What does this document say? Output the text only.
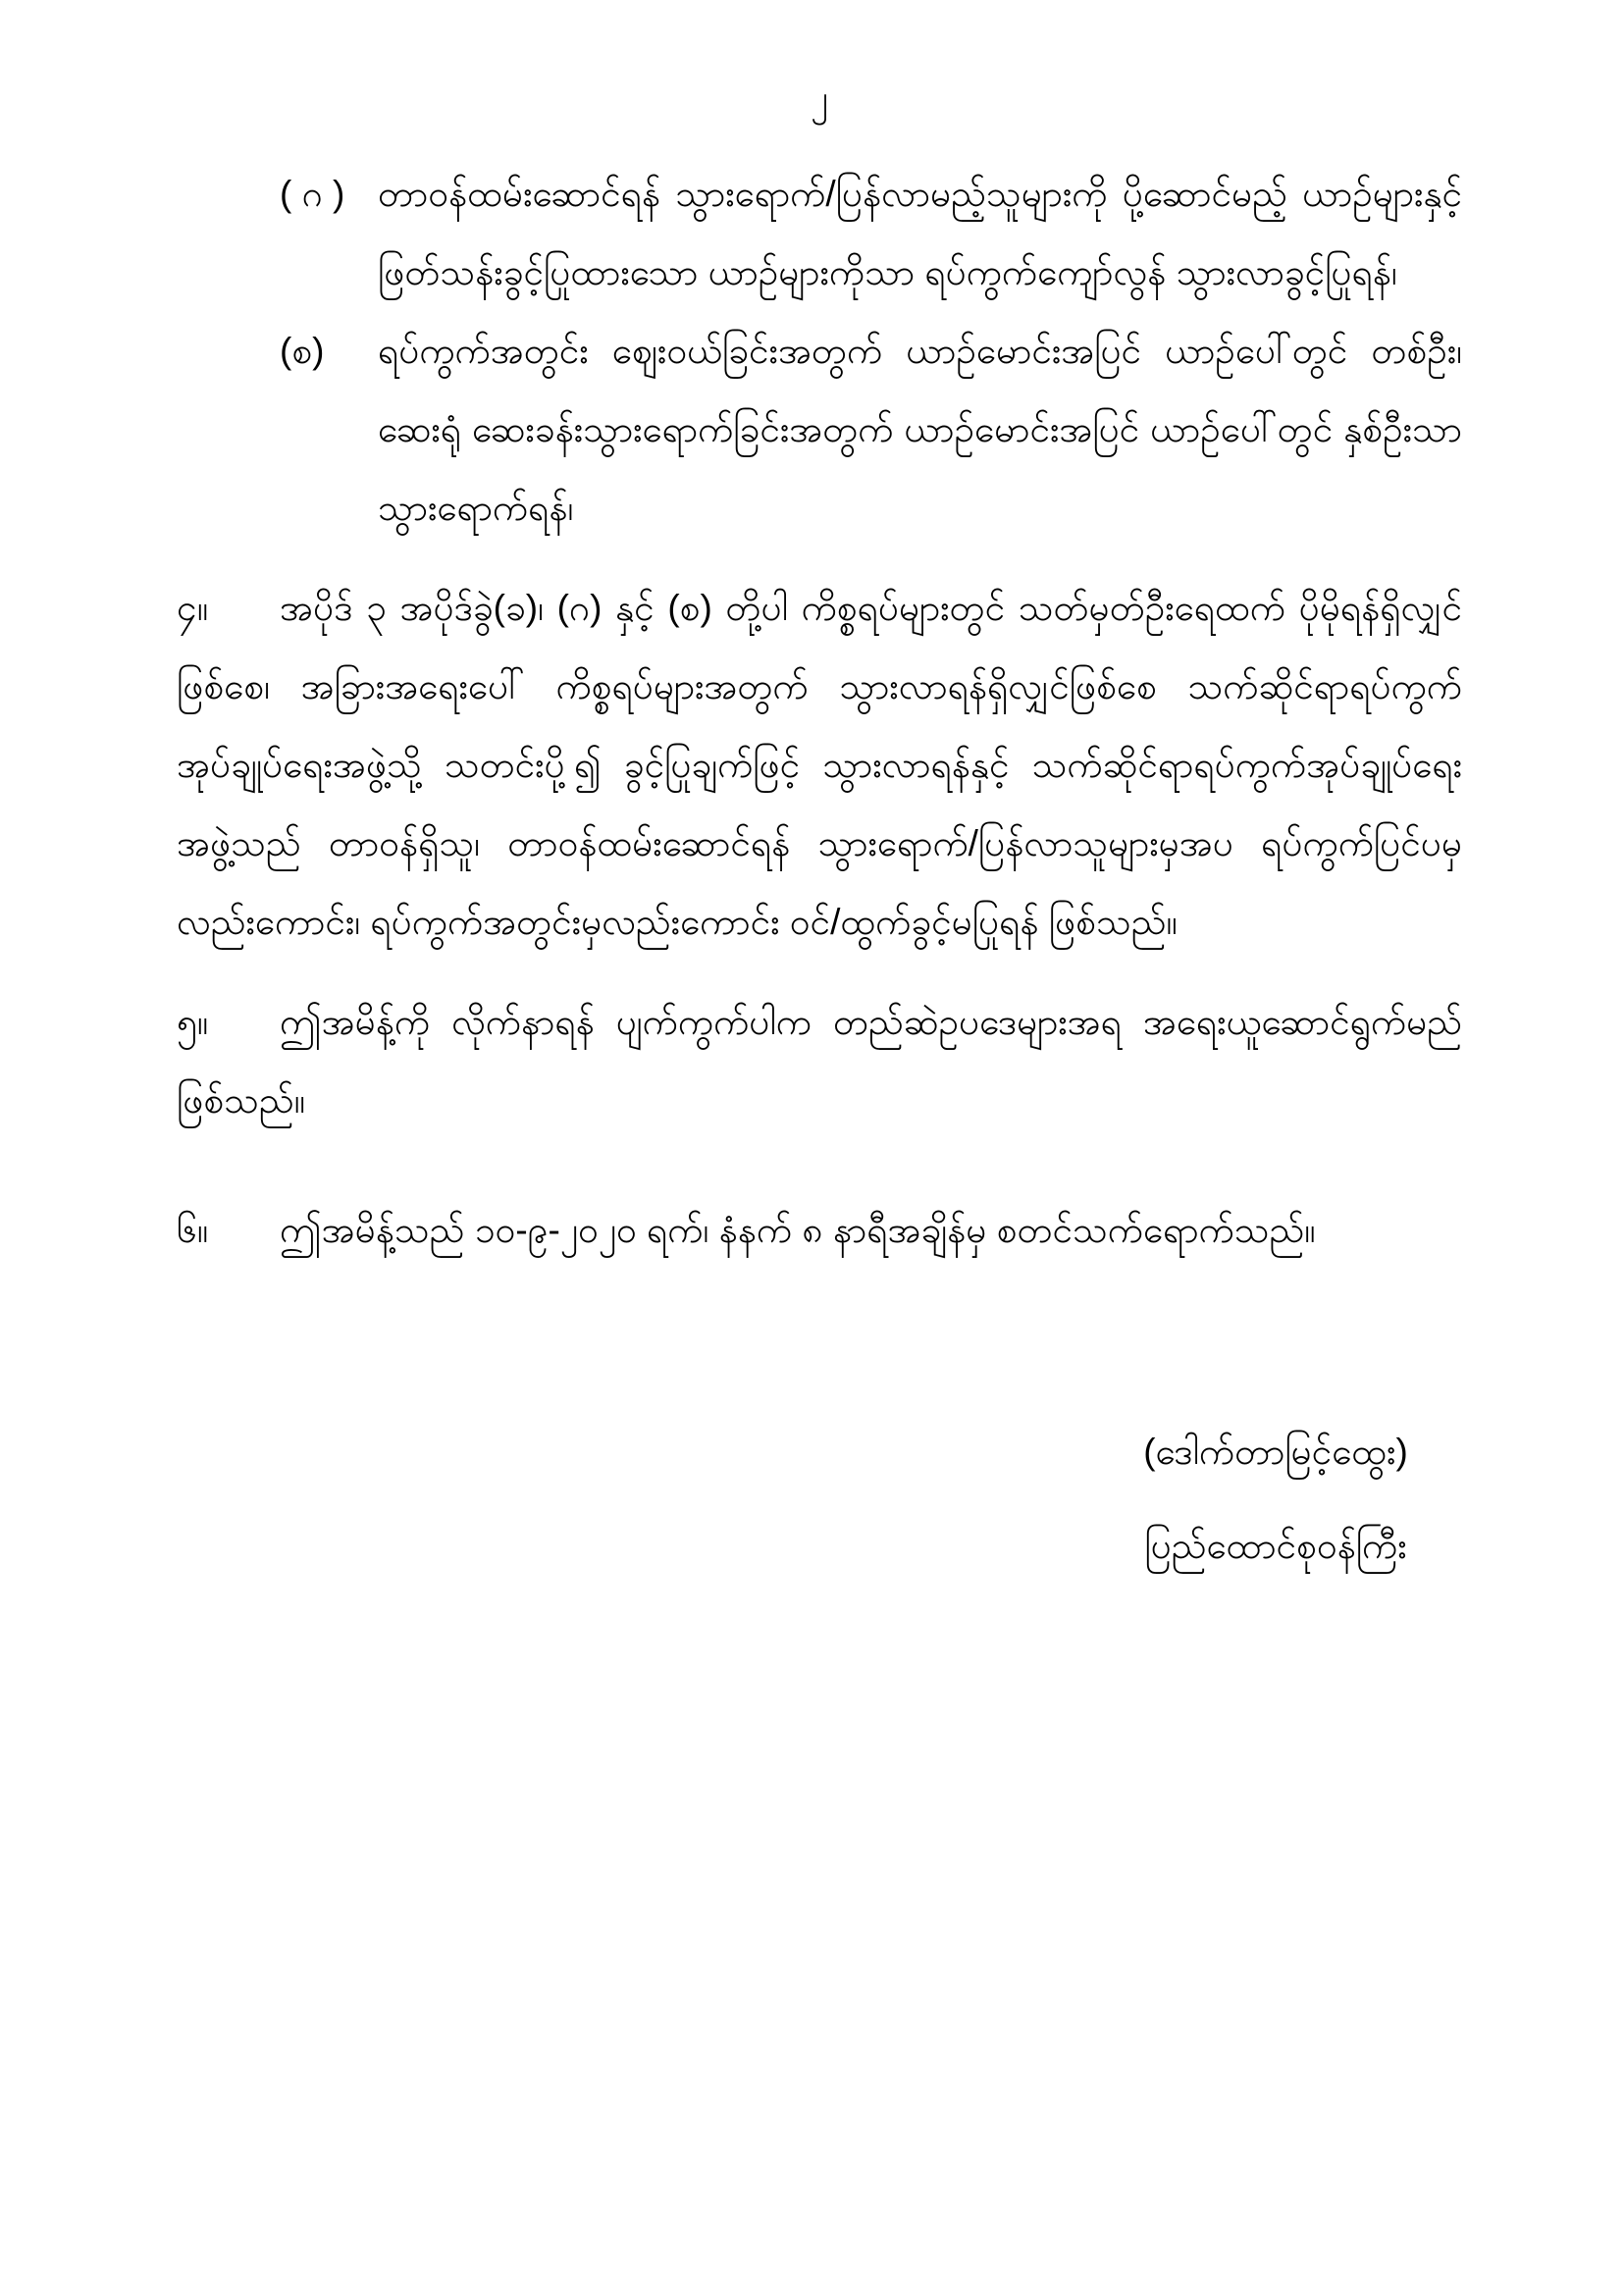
၂
( ဂ ) တာဝန်ထမ်းဆောင်ရန် သွားရောက်/ပြန်လာမည့်သူများကို ပို့ဆောင်မည့် ယာဉ်များနှင့် ဖြတ်သန်းခွင့်ပြုထားသော ယာဉ်များကိုသာ ရပ်ကွက်ကျော်လွန် သွားလာခွင့်ပြုရန်၊
(စ) ရပ်ကွက်အတွင်း ဈေးဝယ်ခြင်းအတွက် ယာဉ်မောင်းအပြင် ယာဉ်ပေါ်တွင် တစ်ဦး၊ ဆေးရုံ ဆေးခန်းသွားရောက်ခြင်းအတွက် ယာဉ်မောင်းအပြင် ယာဉ်ပေါ်တွင် နှစ်ဦးသာ သွားရောက်ရန်၊
၄။ အပိုဒ် ၃ အပိုဒ်ခွဲ(ခ)၊ (ဂ) နှင့် (စ) တို့ပါ ကိစ္စရပ်များတွင် သတ်မှတ်ဦးရေထက် ပိုမိုရန်ရှိလျှင် ဖြစ်စေ၊ အခြားအရေးပေါ် ကိစ္စရပ်များအတွက် သွားလာရန်ရှိလျှင်ဖြစ်စေ သက်ဆိုင်ရာရပ်ကွက် အုပ်ချုပ်ရေးအဖွဲ့သို့ သတင်းပို့၍ ခွင့်ပြုချက်ဖြင့် သွားလာရန်နှင့် သက်ဆိုင်ရာရပ်ကွက်အုပ်ချုပ်ရေး အဖွဲ့သည် တာဝန်ရှိသူ၊ တာဝန်ထမ်းဆောင်ရန် သွားရောက်/ပြန်လာသူများမှအပ ရပ်ကွက်ပြင်ပမှ လည်းကောင်း၊ ရပ်ကွက်အတွင်းမှလည်းကောင်း ဝင်/ထွက်ခွင့်မပြုရန် ဖြစ်သည်။
၅။ ဤအမိန့်ကို လိုက်နာရန် ပျက်ကွက်ပါက တည်ဆဲဥပဒေများအရ အရေးယူဆောင်ရွက်မည် ဖြစ်သည်။
၆။ ဤအမိန့်သည် ၁၀-၉-၂၀၂၀ ရက်၊ နံနက် ၈ နာရီအချိန်မှ စတင်သက်ရောက်သည်။
(ဒေါက်တာမြင့်ထွေး)
ပြည်ထောင်စုဝန်ကြီး
